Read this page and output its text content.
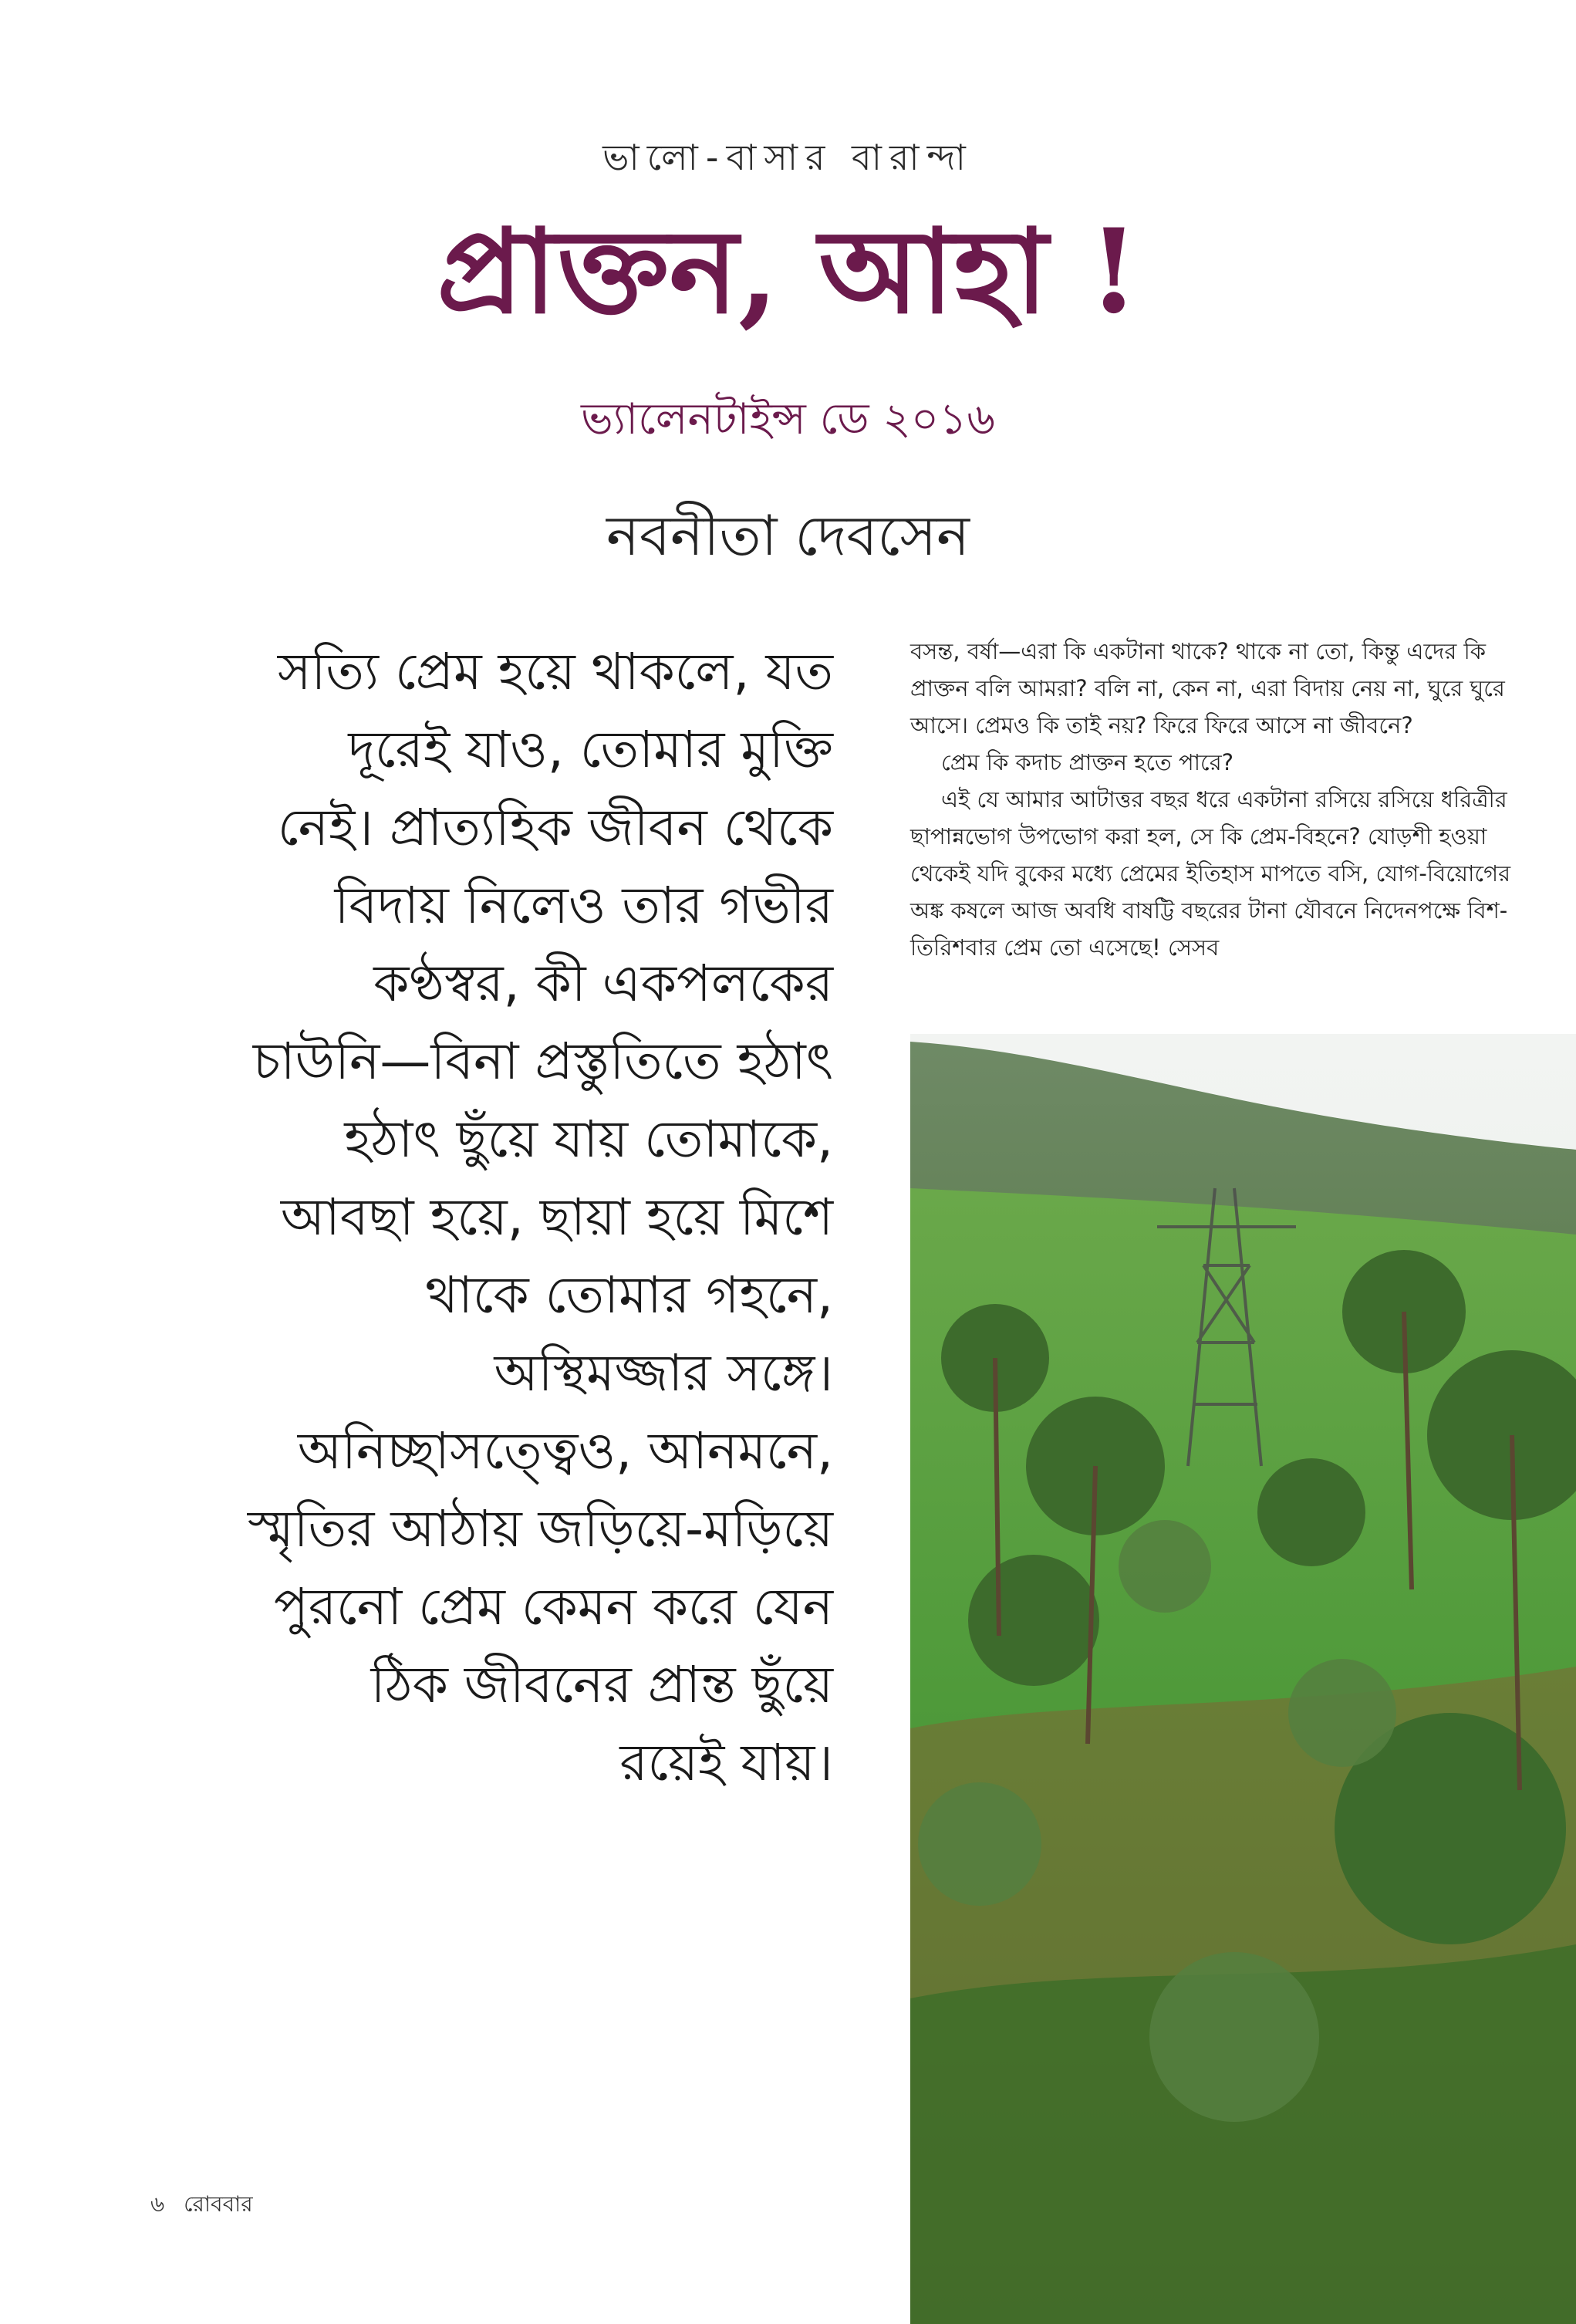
ভালো-বাসার বারান্দা
প্রাক্তন, আহা !
ভ্যালেনটাইন্স ডে ২০১৬
নবনীতা দেবসেন
সত্যি প্রেম হয়ে থাকলে, যত
দূরেই যাও, তোমার মুক্তি
নেই। প্রাত্যহিক জীবন থেকে
বিদায় নিলেও তার গভীর
কণ্ঠস্বর, কী একপলকের
চাউনি—বিনা প্রস্তুতিতে হঠাৎ
হঠাৎ ছুঁয়ে যায় তোমাকে,
আবছা হয়ে, ছায়া হয়ে মিশে
থাকে তোমার গহনে,
অস্থিমজ্জার সঙ্গে।
অনিচ্ছাসত্ত্বেও, আনমনে,
স্মৃতির আঠায় জড়িয়ে-মড়িয়ে
পুরনো প্রেম কেমন করে যেন
ঠিক জীবনের প্রান্ত ছুঁয়ে
রয়েই যায়।

বসন্ত, বর্ষা—এরা কি একটানা থাকে? থাকে না তো, কিন্তু এদের কি প্রাক্তন বলি আমরা? বলি না, কেন না, এরা বিদায় নেয় না, ঘুরে ঘুরে আসে। প্রেমও কি তাই নয়? ফিরে ফিরে আসে না জীবনে?

প্রেম কি কদাচ প্রাক্তন হতে পারে?

এই যে আমার আটাত্তর বছর ধরে একটানা রসিয়ে রসিয়ে ধরিত্রীর ছাপান্নভোগ উপভোগ করা হল, সে কি প্রেম-বিহনে? যোড়শী হওয়া থেকেই যদি বুকের মধ্যে প্রেমের ইতিহাস মাপতে বসি, যোগ-বিয়োগের অঙ্ক কষলে আজ অবধি বাষট্টি বছরের টানা যৌবনে নিদেনপক্ষে বিশ-তিরিশবার প্রেম তো এসেছে! সেসব

৬ রোববার
